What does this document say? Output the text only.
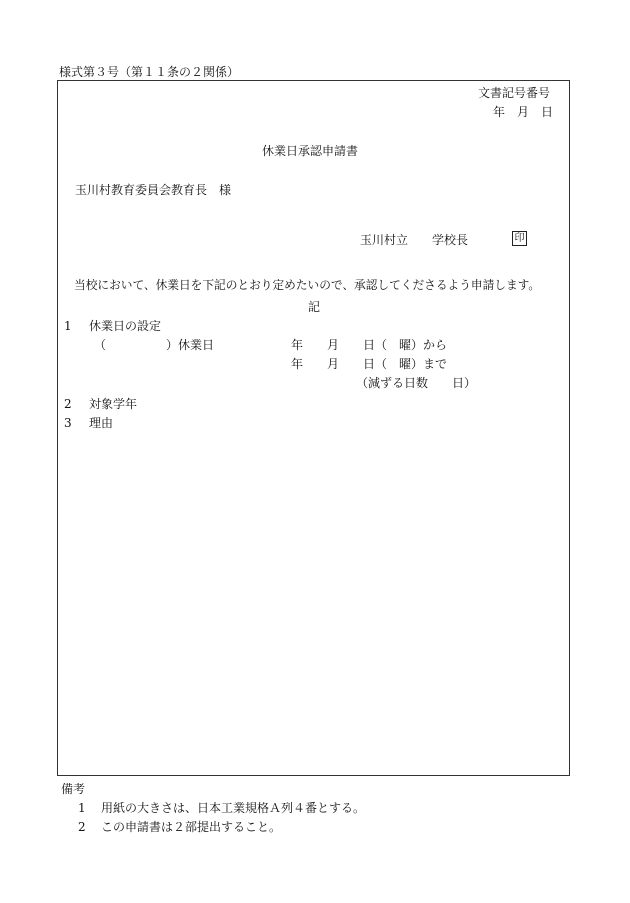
様式第３号（第１１条の２関係）
文書記号番号
年　月　日
休業日承認申請書
玉川村教育委員会教育長　様
玉川村立　　学校長	印
当校において、休業日を下記のとおり定めたいので、承認してくださるよう申請します。
記
1 休業日の設定
（　　　　　）休業日	年　　月　　日（　曜）から
年　　月　　日（　曜）まで
（減ずる日数　　日）
2 対象学年
3 理由
備考
1 用紙の大きさは、日本工業規格Ａ列４番とする。
2 この申請書は２部提出すること。
